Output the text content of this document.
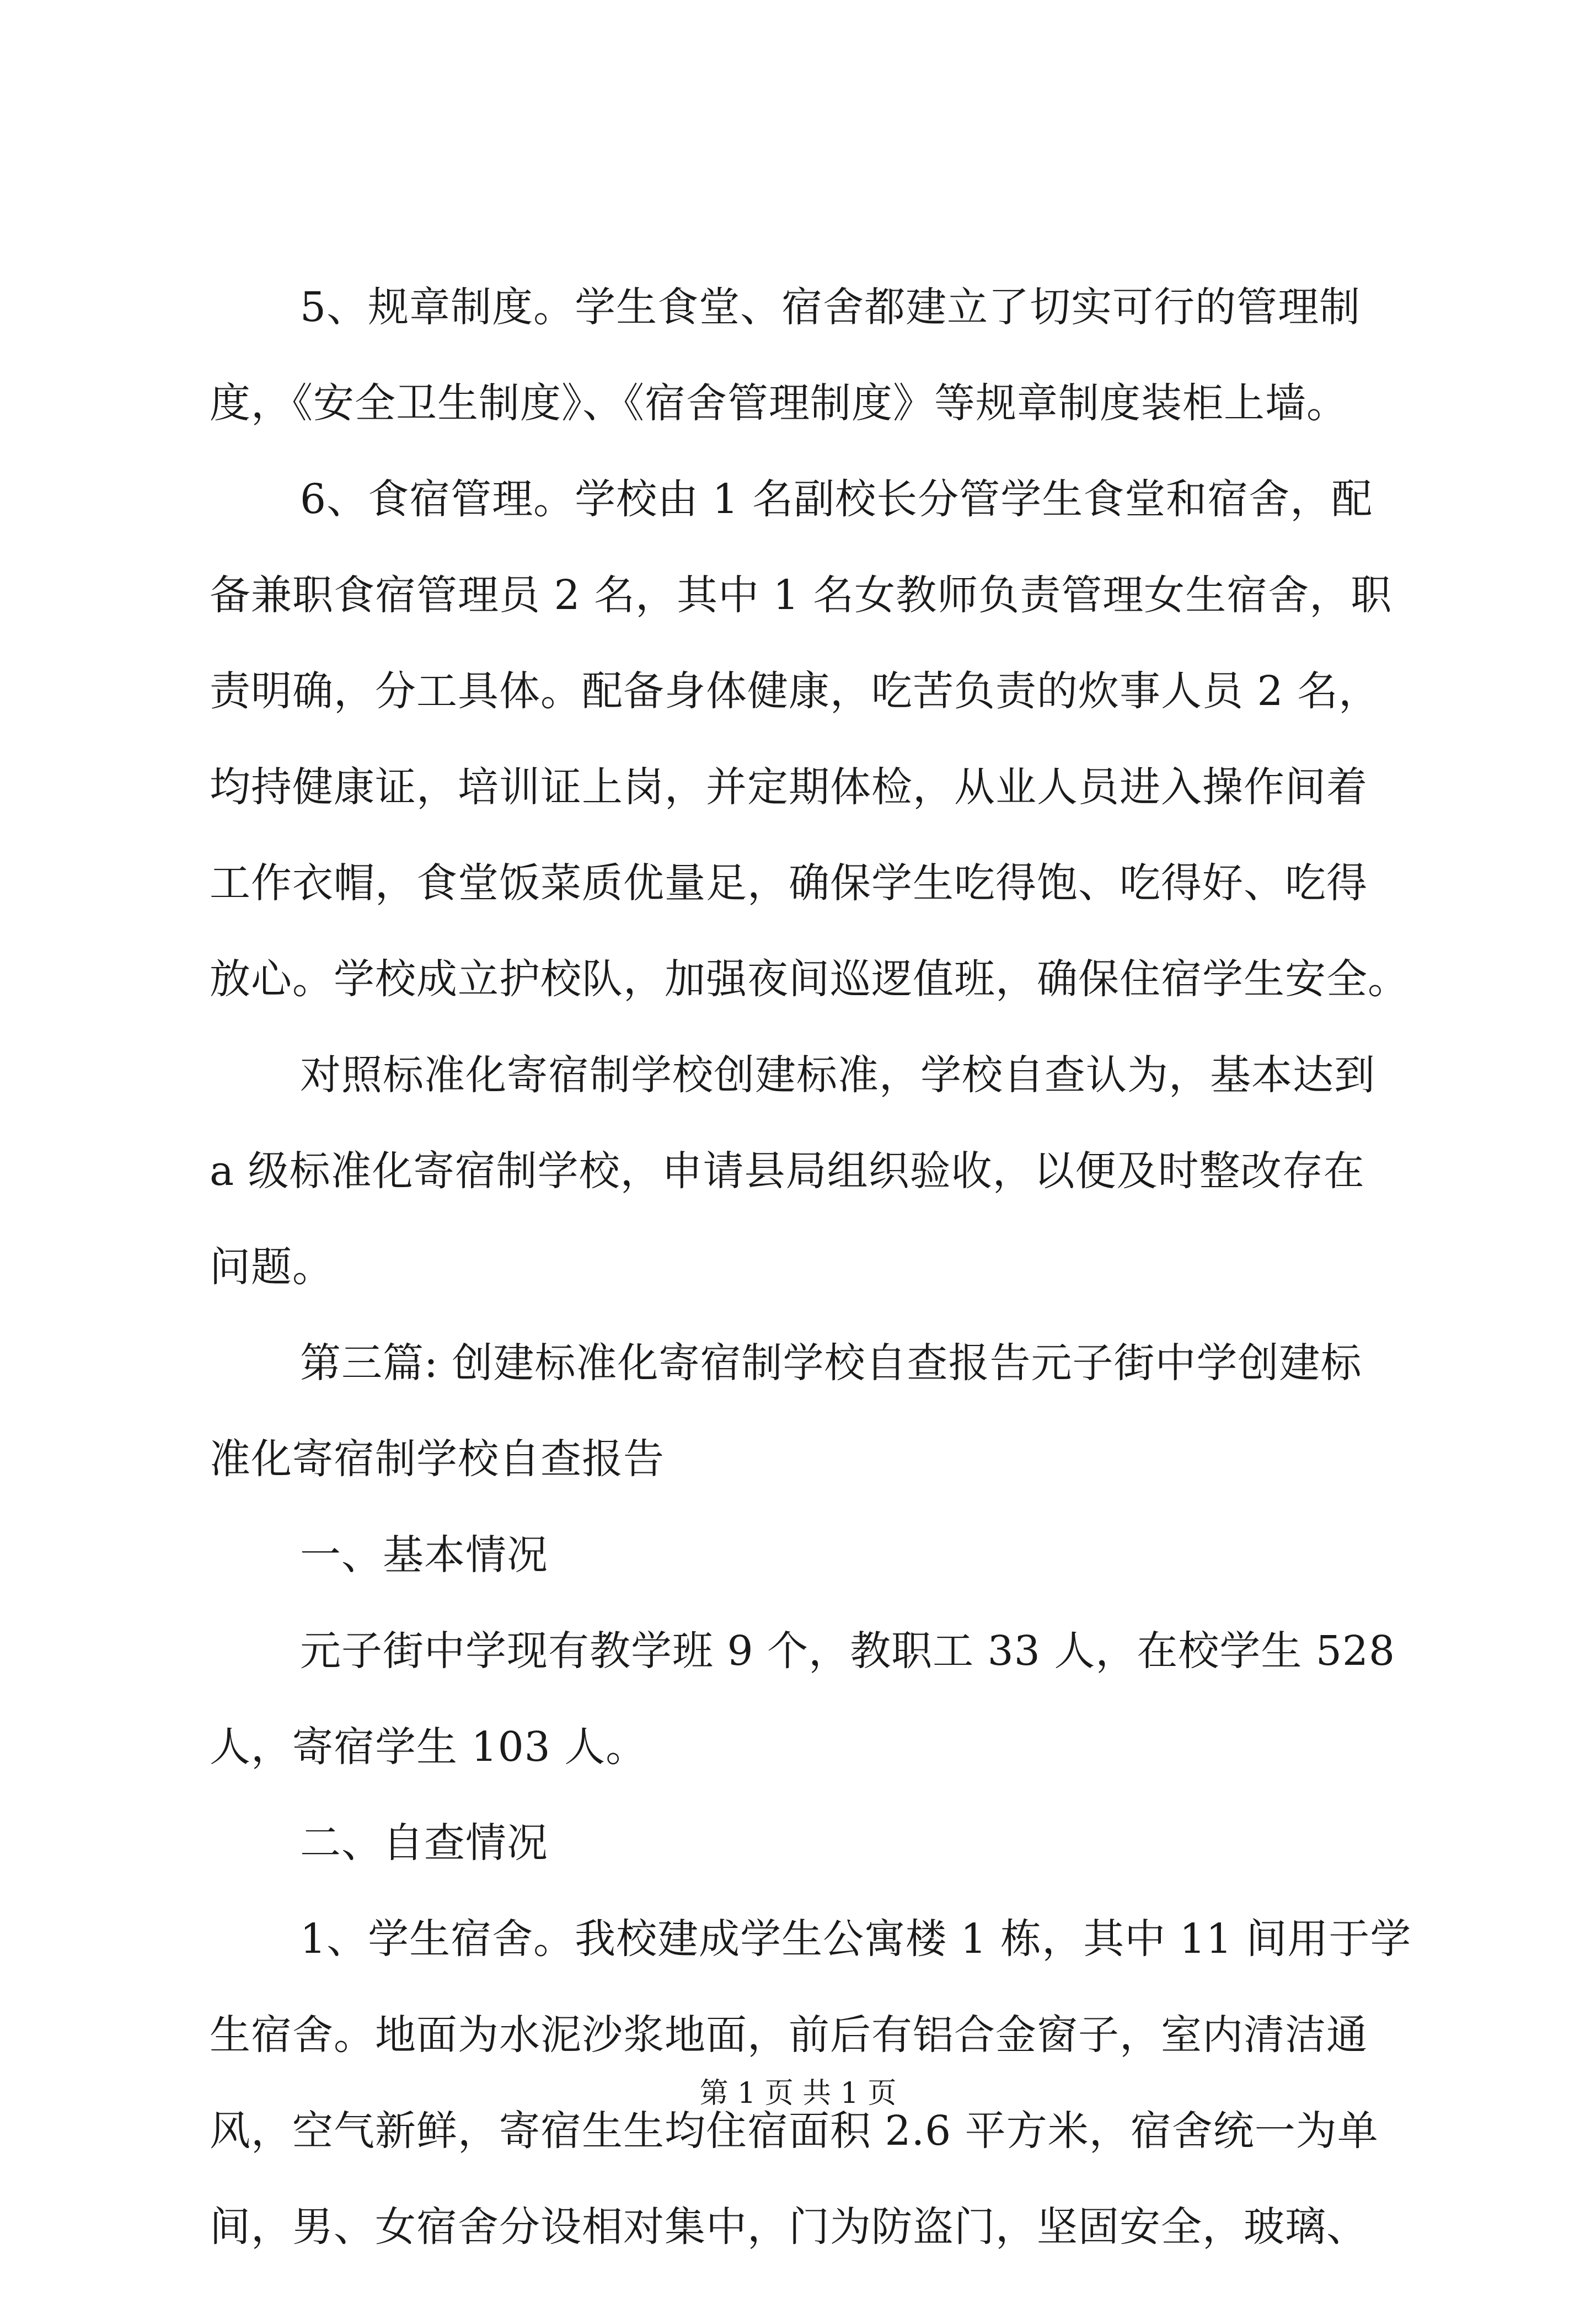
5、规章制度。学生食堂、宿舍都建立了切实可行的管理制
度，《安全卫生制度》、《宿舍管理制度》等规章制度装柜上墙。
6、食宿管理。学校由 1 名副校长分管学生食堂和宿舍，配
备兼职食宿管理员 2 名，其中 1 名女教师负责管理女生宿舍，职
责明确，分工具体。配备身体健康，吃苦负责的炊事人员 2 名，
均持健康证，培训证上岗，并定期体检，从业人员进入操作间着
工作衣帽，食堂饭菜质优量足，确保学生吃得饱、吃得好、吃得
放心。学校成立护校队，加强夜间巡逻值班，确保住宿学生安全。
对照标准化寄宿制学校创建标准，学校自查认为，基本达到
a 级标准化寄宿制学校，申请县局组织验收，以便及时整改存在
问题。
第三篇: 创建标准化寄宿制学校自查报告元子街中学创建标
准化寄宿制学校自查报告
一、基本情况
元子街中学现有教学班 9 个，教职工 33 人，在校学生 528
人，寄宿学生 103 人。
二、自查情况
1、学生宿舍。我校建成学生公寓楼 1 栋，其中 11 间用于学
生宿舍。地面为水泥沙浆地面，前后有铝合金窗子，室内清洁通
风，空气新鲜，寄宿生生均住宿面积 2.6 平方米，宿舍统一为单
间，男、女宿舍分设相对集中，门为防盗门，坚固安全，玻璃、
第 1 页 共 1 页
